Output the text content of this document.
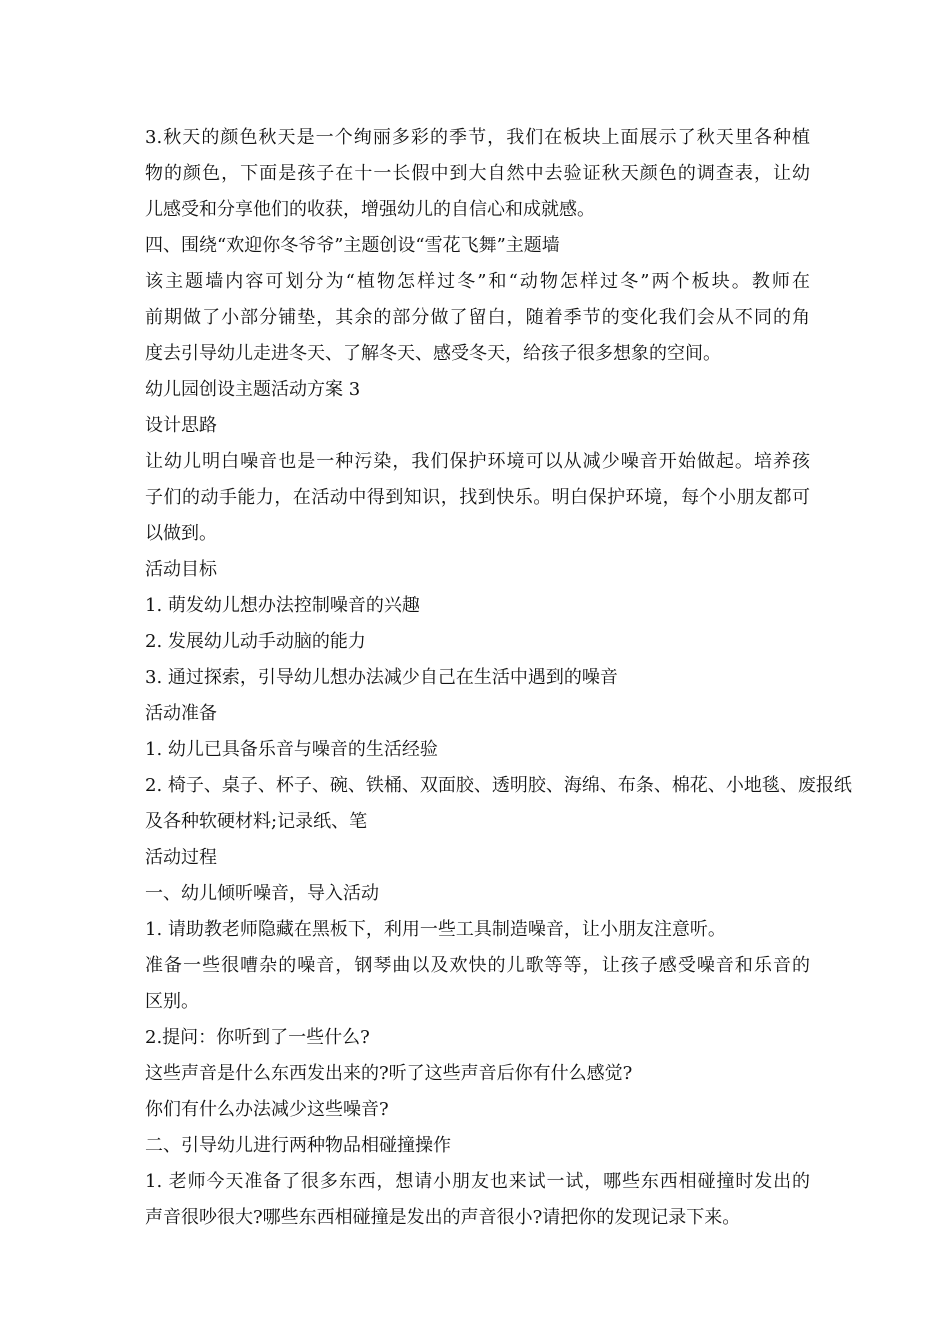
3.秋天的颜色秋天是一个绚丽多彩的季节，我们在板块上面展示了秋天里各种植
物的颜色，下面是孩子在十一长假中到大自然中去验证秋天颜色的调查表，让幼
儿感受和分享他们的收获，增强幼儿的自信心和成就感。
四、围绕“欢迎你冬爷爷”主题创设“雪花飞舞”主题墙
该主题墙内容可划分为“植物怎样过冬”和“动物怎样过冬”两个板块。教师在
前期做了小部分铺垫，其余的部分做了留白，随着季节的变化我们会从不同的角
度去引导幼儿走进冬天、了解冬天、感受冬天，给孩子很多想象的空间。
幼儿园创设主题活动方案 3
设计思路
让幼儿明白噪音也是一种污染，我们保护环境可以从减少噪音开始做起。培养孩
子们的动手能力，在活动中得到知识，找到快乐。明白保护环境，每个小朋友都可
以做到。
活动目标
1. 萌发幼儿想办法控制噪音的兴趣
2. 发展幼儿动手动脑的能力
3. 通过探索，引导幼儿想办法减少自己在生活中遇到的噪音
活动准备
1. 幼儿已具备乐音与噪音的生活经验
2. 椅子、桌子、杯子、碗、铁桶、双面胶、透明胶、海绵、布条、棉花、小地毯、废报纸
及各种软硬材料;记录纸、笔
活动过程
一、幼儿倾听噪音，导入活动
1. 请助教老师隐藏在黑板下，利用一些工具制造噪音，让小朋友注意听。
准备一些很嘈杂的噪音，钢琴曲以及欢快的儿歌等等，让孩子感受噪音和乐音的
区别。
2.提问：你听到了一些什么?
这些声音是什么东西发出来的?听了这些声音后你有什么感觉?
你们有什么办法减少这些噪音?
二、引导幼儿进行两种物品相碰撞操作
1. 老师今天准备了很多东西，想请小朋友也来试一试，哪些东西相碰撞时发出的
声音很吵很大?哪些东西相碰撞是发出的声音很小?请把你的发现记录下来。
